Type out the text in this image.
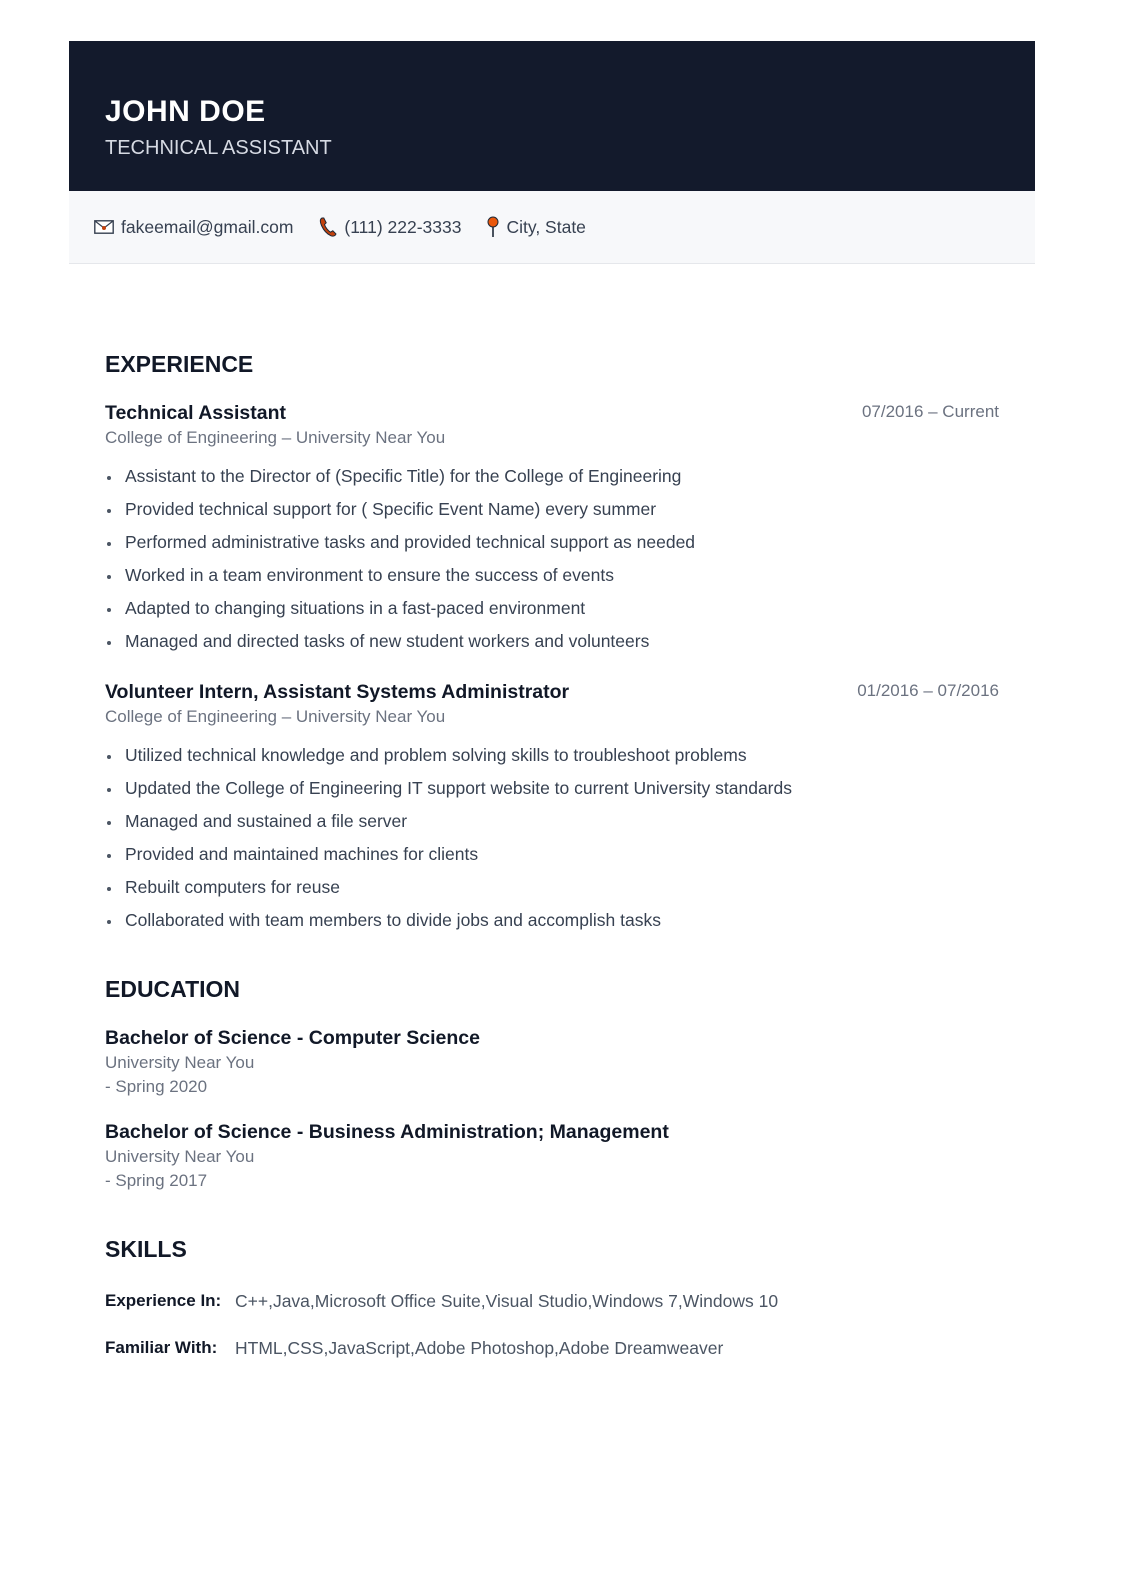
JOHN DOE
TECHNICAL ASSISTANT
fakeemail@gmail.com	(111) 222-3333	City, State
EXPERIENCE
Technical Assistant	07/2016 – Current
College of Engineering – University Near You
Assistant to the Director of (Specific Title) for the College of Engineering
Provided technical support for ( Specific Event Name) every summer
Performed administrative tasks and provided technical support as needed
Worked in a team environment to ensure the success of events
Adapted to changing situations in a fast-paced environment
Managed and directed tasks of new student workers and volunteers
Volunteer Intern, Assistant Systems Administrator	01/2016 – 07/2016
College of Engineering – University Near You
Utilized technical knowledge and problem solving skills to troubleshoot problems
Updated the College of Engineering IT support website to current University standards
Managed and sustained a file server
Provided and maintained machines for clients
Rebuilt computers for reuse
Collaborated with team members to divide jobs and accomplish tasks
EDUCATION
Bachelor of Science - Computer Science
University Near You
- Spring 2020
Bachelor of Science - Business Administration; Management
University Near You
- Spring 2017
SKILLS
Experience In: C++,Java,Microsoft Office Suite,Visual Studio,Windows 7,Windows 10
Familiar With:	HTML,CSS,JavaScript,Adobe Photoshop,Adobe Dreamweaver
